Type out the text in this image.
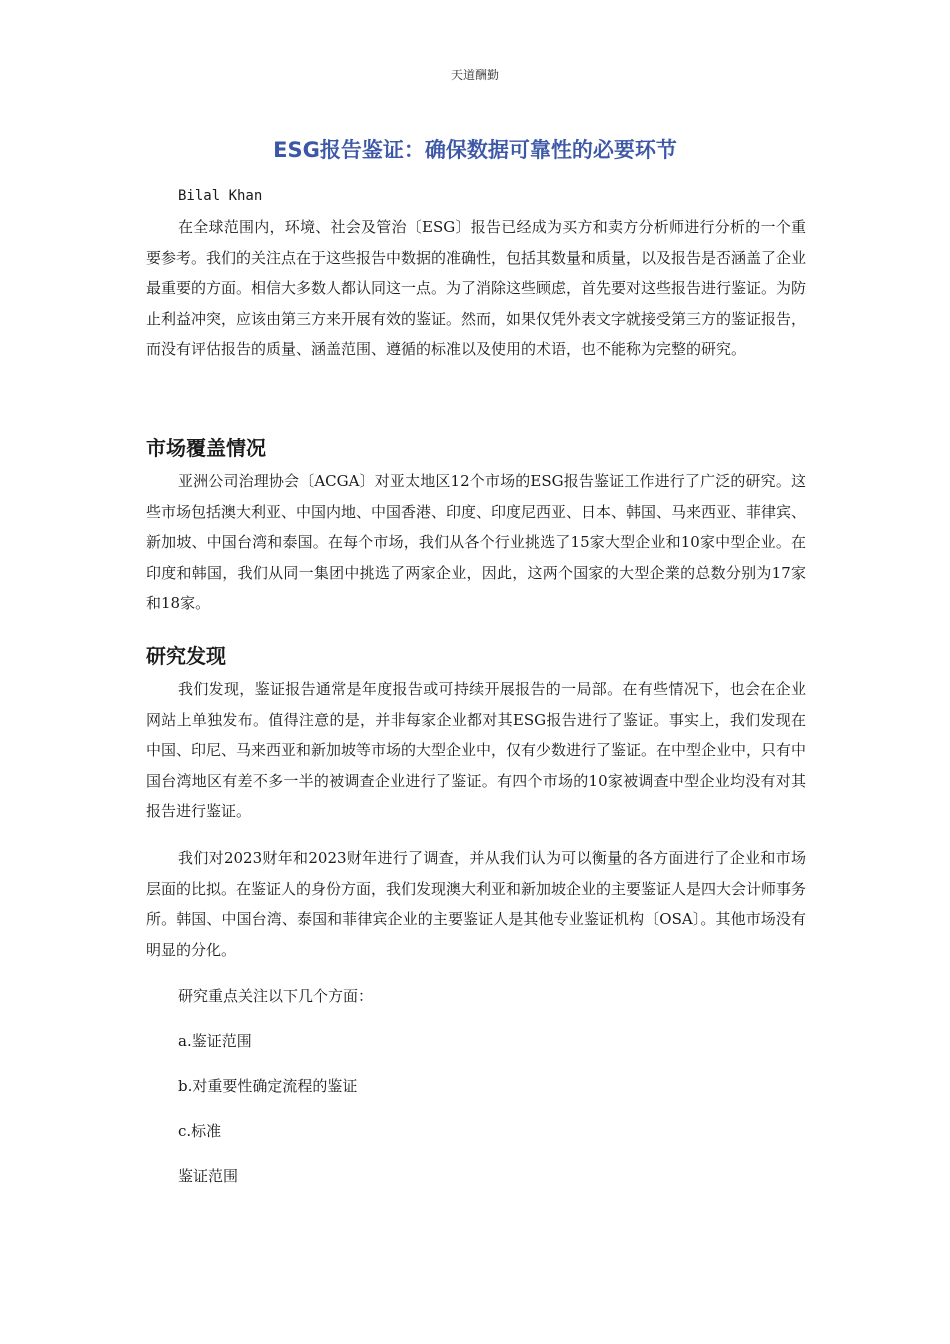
天道酬勤
ESG报告鉴证：确保数据可靠性的必要环节
Bilal Khan

在全球范围内，环境、社会及管治〔ESG〕报告已经成为买方和卖方分析师进行分析的一个重要参考。我们的关注点在于这些报告中数据的准确性，包括其数量和质量，以及报告是否涵盖了企业最重要的方面。相信大多数人都认同这一点。为了消除这些顾虑，首先要对这些报告进行鉴证。为防止利益冲突，应该由第三方来开展有效的鉴证。然而，如果仅凭外表文字就接受第三方的鉴证报告，而没有评估报告的质量、涵盖范围、遵循的标准以及使用的术语，也不能称为完整的研究。

市场覆盖情况

亚洲公司治理协会〔ACGA〕对亚太地区12个市场的ESG报告鉴证工作进行了广泛的研究。这些市场包括澳大利亚、中国内地、中国香港、印度、印度尼西亚、日本、韩国、马来西亚、菲律宾、新加坡、中国台湾和泰国。在每个市场，我们从各个行业挑选了15家大型企业和10家中型企业。在印度和韩国，我们从同一集团中挑选了两家企业，因此，这两个国家的大型企業的总数分别为17家和18家。

研究发现

我们发现，鉴证报告通常是年度报告或可持续开展报告的一局部。在有些情况下，也会在企业网站上单独发布。值得注意的是，并非每家企业都对其ESG报告进行了鉴证。事实上，我们发现在中国、印尼、马来西亚和新加坡等市场的大型企业中，仅有少数进行了鉴证。在中型企业中，只有中国台湾地区有差不多一半的被调查企业进行了鉴证。有四个市场的10家被调查中型企业均没有对其报告进行鉴证。

我们对2023财年和2023财年进行了调查，并从我们认为可以衡量的各方面进行了企业和市场层面的比拟。在鉴证人的身份方面，我们发现澳大利亚和新加坡企业的主要鉴证人是四大会计师事务所。韩国、中国台湾、泰国和菲律宾企业的主要鉴证人是其他专业鉴证机构〔OSA〕。其他市场没有明显的分化。

研究重点关注以下几个方面：
a.鉴证范围
b.对重要性确定流程的鉴证
c.标准
鉴证范围
